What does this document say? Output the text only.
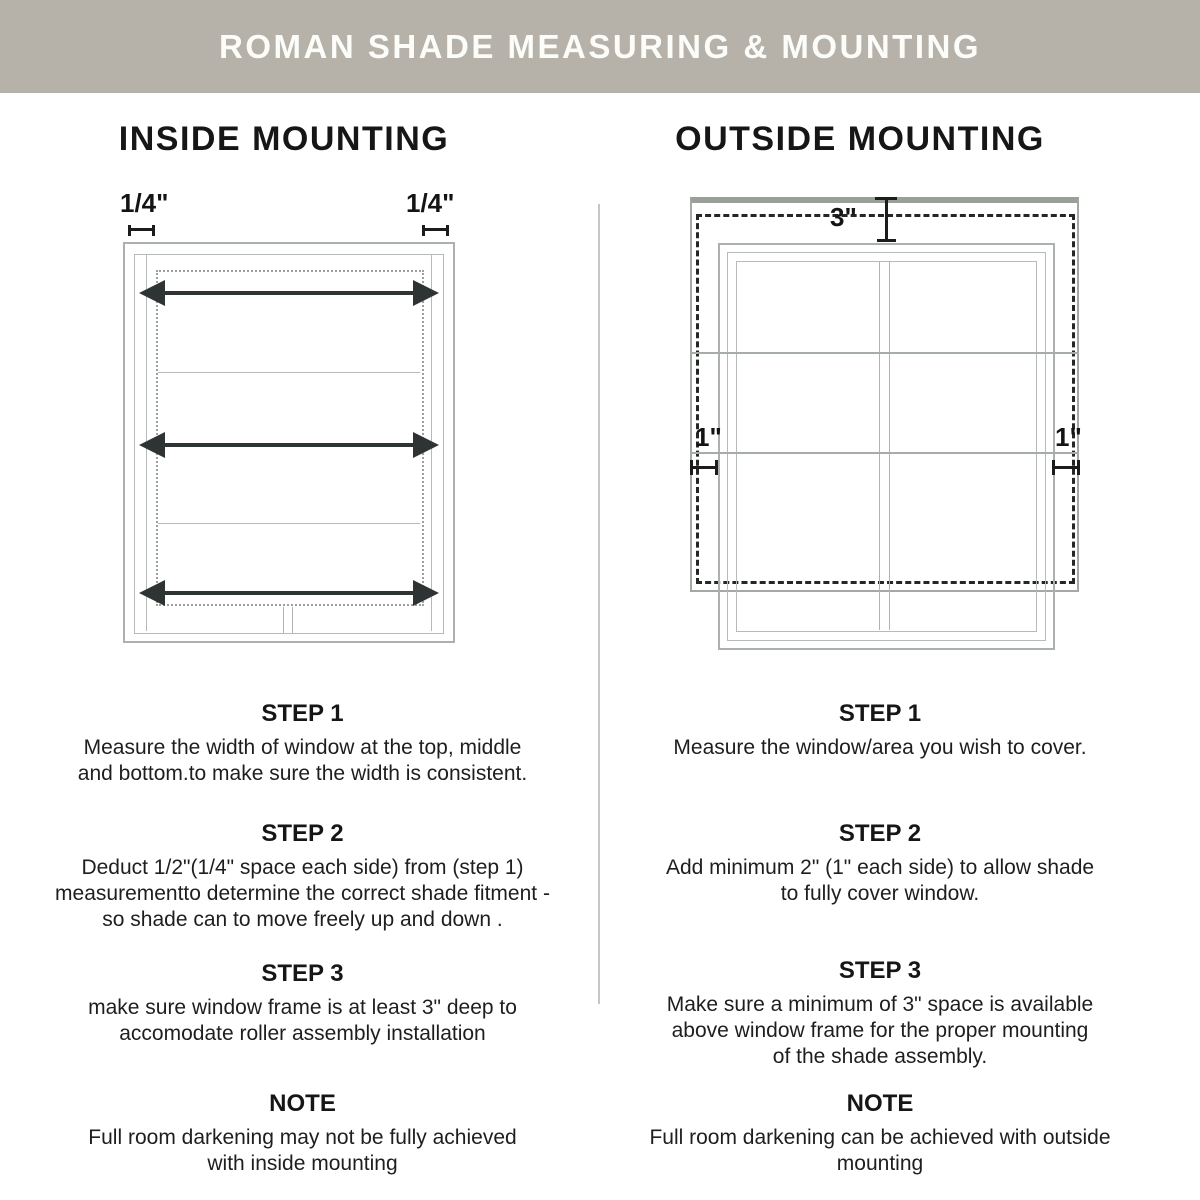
ROMAN SHADE MEASURING & MOUNTING
INSIDE MOUNTING
1/4"	1/4"
OUTSIDE MOUNTING
3"
1"	1"
STEP 1
Measure the width of window at the top, middle
and bottom.to make sure the width is consistent.
STEP 2
Deduct 1/2"(1/4" space each side) from (step 1)
measurementto determine the correct shade fitment -
so shade can to move freely up and down .
STEP 3
make sure window frame is at least 3" deep to
accomodate roller assembly installation
NOTE
Full room darkening may not be fully achieved
with inside mounting
STEP 1
Measure the window/area you wish to cover.
STEP 2
Add minimum 2" (1" each side) to allow shade
to fully cover window.
STEP 3
Make sure a minimum of 3" space is available
above window frame for the proper mounting
of the shade assembly.
NOTE
Full room darkening can be achieved with outside
mounting
